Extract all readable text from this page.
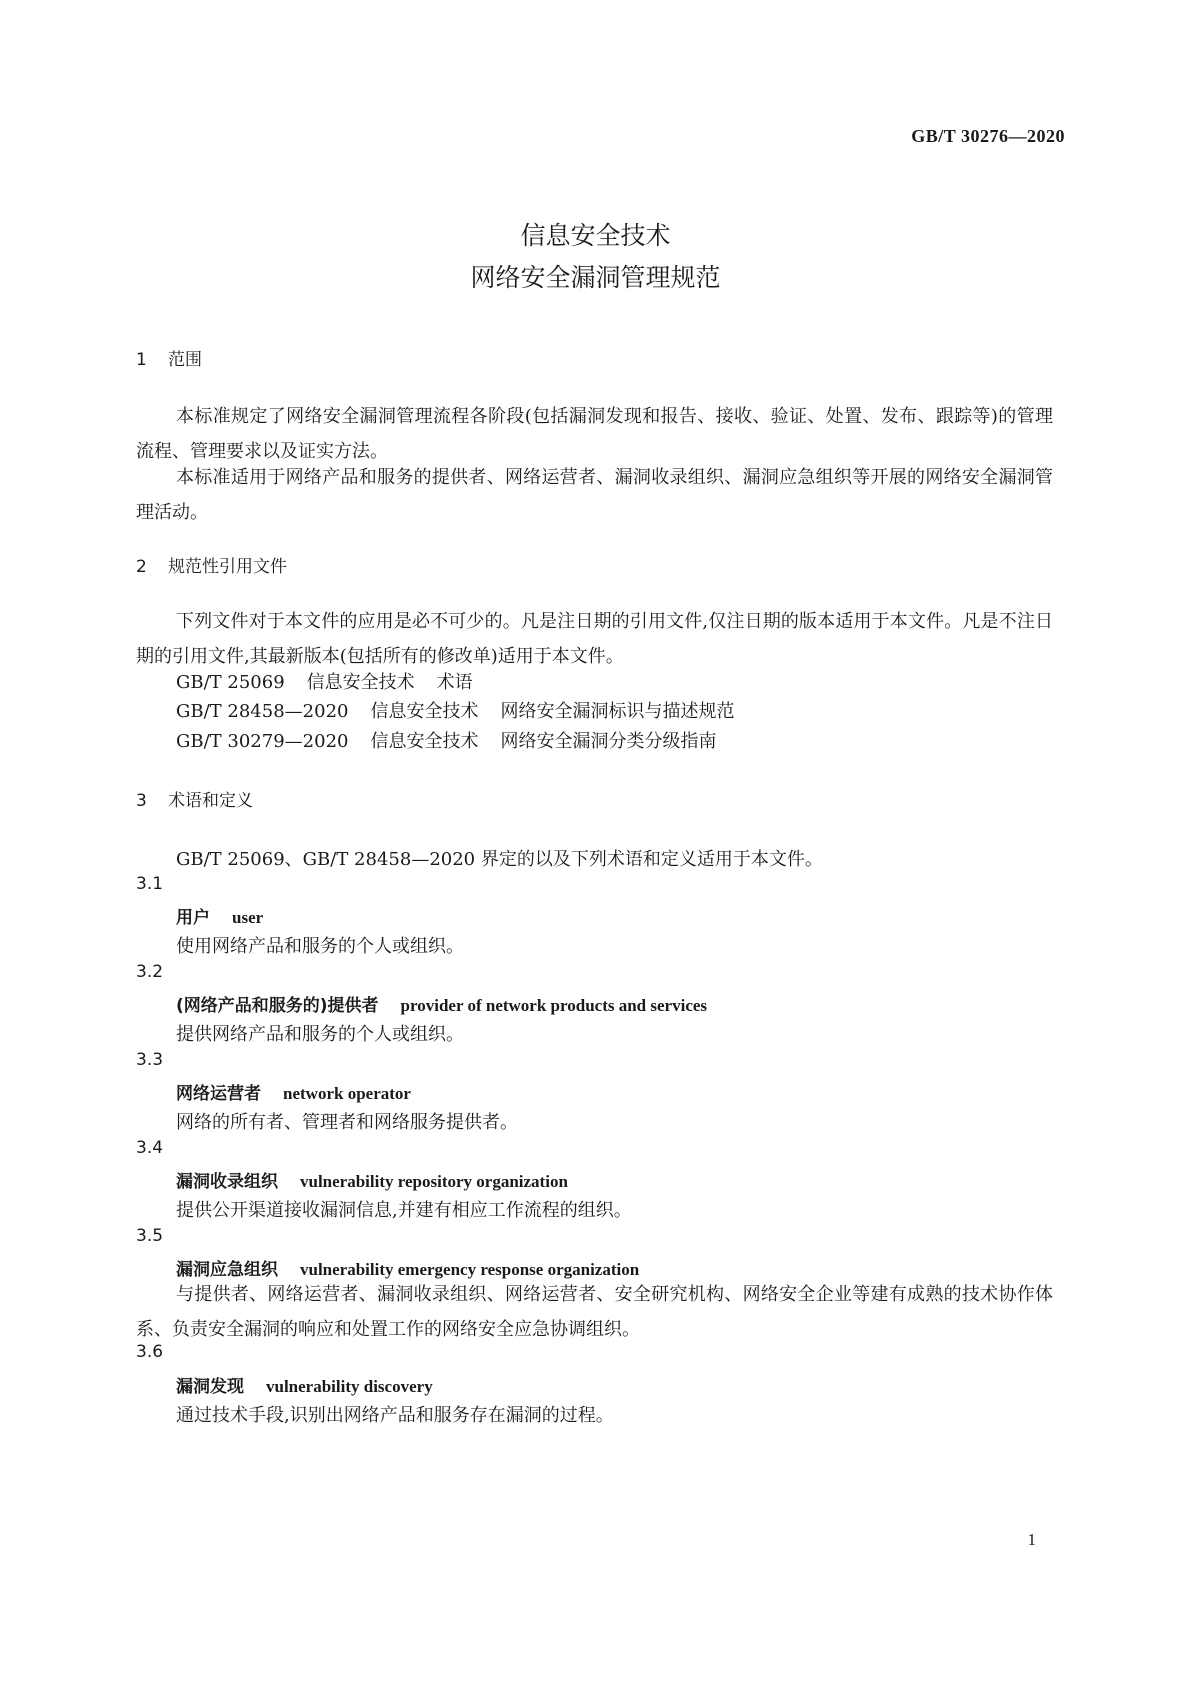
GB/T 30276—2020
信息安全技术
网络安全漏洞管理规范
1 范围
本标准规定了网络安全漏洞管理流程各阶段(包括漏洞发现和报告、接收、验证、处置、发布、跟踪等)的管理流程、管理要求以及证实方法。
本标准适用于网络产品和服务的提供者、网络运营者、漏洞收录组织、漏洞应急组织等开展的网络安全漏洞管理活动。
2 规范性引用文件
下列文件对于本文件的应用是必不可少的。凡是注日期的引用文件,仅注日期的版本适用于本文件。凡是不注日期的引用文件,其最新版本(包括所有的修改单)适用于本文件。
GB/T 25069 信息安全技术 术语
GB/T 28458—2020 信息安全技术 网络安全漏洞标识与描述规范
GB/T 30279—2020 信息安全技术 网络安全漏洞分类分级指南
3 术语和定义
GB/T 25069、GB/T 28458—2020 界定的以及下列术语和定义适用于本文件。
3.1
用户 user
使用网络产品和服务的个人或组织。
3.2
(网络产品和服务的)提供者 provider of network products and services
提供网络产品和服务的个人或组织。
3.3
网络运营者 network operator
网络的所有者、管理者和网络服务提供者。
3.4
漏洞收录组织 vulnerability repository organization
提供公开渠道接收漏洞信息,并建有相应工作流程的组织。
3.5
漏洞应急组织 vulnerability emergency response organization
与提供者、网络运营者、漏洞收录组织、网络运营者、安全研究机构、网络安全企业等建有成熟的技术协作体系、负责安全漏洞的响应和处置工作的网络安全应急协调组织。
3.6
漏洞发现 vulnerability discovery
通过技术手段,识别出网络产品和服务存在漏洞的过程。
1
